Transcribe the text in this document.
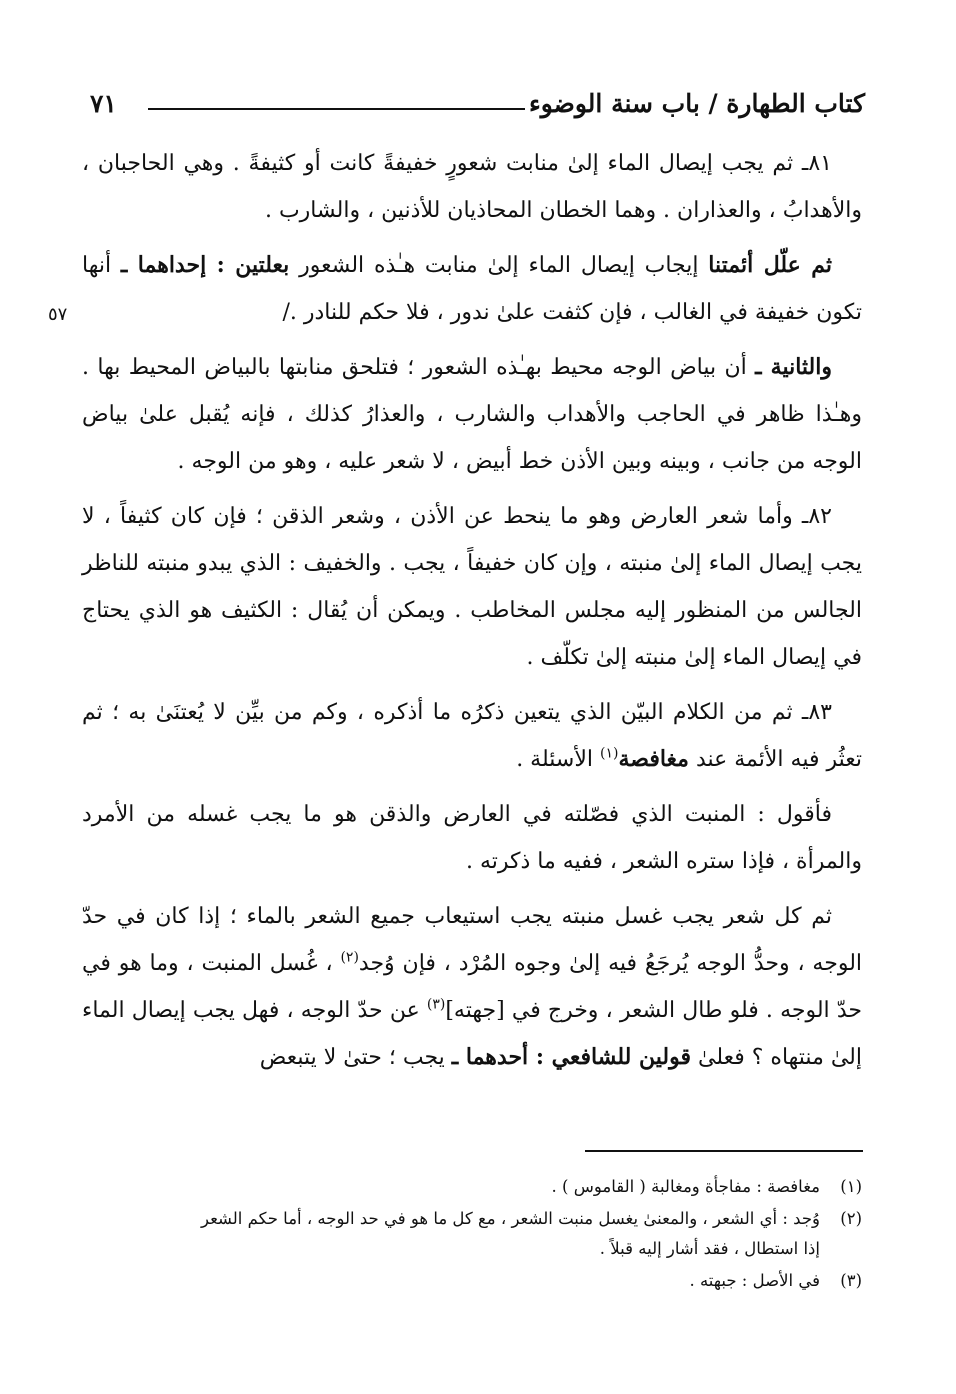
كتاب الطهارة / باب سنة الوضوء
٧١
٥٧

٨١ـ ثم يجب إيصال الماء إلىٰ منابت شعورٍ خفيفةً كانت أو كثيفةً . وهي الحاجبان ، والأهدابُ ، والعذاران . وهما الخطان المحاذيان للأذنين ، والشارب .

ثم علّل أئمتنا إيجاب إيصال الماء إلىٰ منابت هـٰذه الشعور بعلتين : إحداهما ـ أنها تكون خفيفة في الغالب ، فإن كثفت علىٰ ندور ، فلا حكم للنادر ./

والثانية ـ أن بياض الوجه محيط بهـٰذه الشعور ؛ فتلحق منابتها بالبياض المحيط بها . وهـٰذا ظاهر في الحاجب والأهداب والشارب ، والعذارُ كذلك ، فإنه يُقبل علىٰ بياض الوجه من جانب ، وبينه وبين الأذن خط أبيض ، لا شعر عليه ، وهو من الوجه .

٨٢ـ وأما شعر العارض وهو ما ينحط عن الأذن ، وشعر الذقن ؛ فإن كان كثيفاً ، لا يجب إيصال الماء إلىٰ منبته ، وإن كان خفيفاً ، يجب . والخفيف : الذي يبدو منبته للناظر الجالس من المنظور إليه مجلس المخاطب . ويمكن أن يُقال : الكثيف هو الذي يحتاج في إيصال الماء إلىٰ منبته إلىٰ تكلّف .

٨٣ـ ثم من الكلام البيّن الذي يتعين ذكرُه ما أذكره ، وكم من بيِّن لا يُعتنَىٰ به ؛ ثم تعثُر فيه الأئمة عند مغافصة$^{(١)}$ الأسئلة .

فأقول : المنبت الذي فصّلته في العارض والذقن هو ما يجب غسله من الأمرد والمرأة ، فإذا ستره الشعر ، ففيه ما ذكرته .

ثم كل شعر يجب غسل منبته يجب استيعاب جميع الشعر بالماء ؛ إذا كان في حدّ الوجه ، وحدُّ الوجه يُرجَعُ فيه إلىٰ وجوه المُرْد ، فإن وُجد$^{(٢)}$ ، غُسل المنبت ، وما هو في حدّ الوجه . فلو طال الشعر ، وخرج في [جهته]$^{(٣)}$ عن حدّ الوجه ، فهل يجب إيصال الماء إلىٰ منتهاه ؟ فعلىٰ قولين للشافعي : أحدهما ـ يجب ؛ حتىٰ لا يتبعض

(١)
مغافصة : مفاجأة ومغالبة ( القاموس ) .
(٢)
وُجد : أي الشعر ، والمعنىٰ يغسل منبت الشعر ، مع كل ما هو في حد الوجه ، أما حكم الشعر إذا استطال ، فقد أشار إليه قبلاً .
(٣)
في الأصل : جبهته .
